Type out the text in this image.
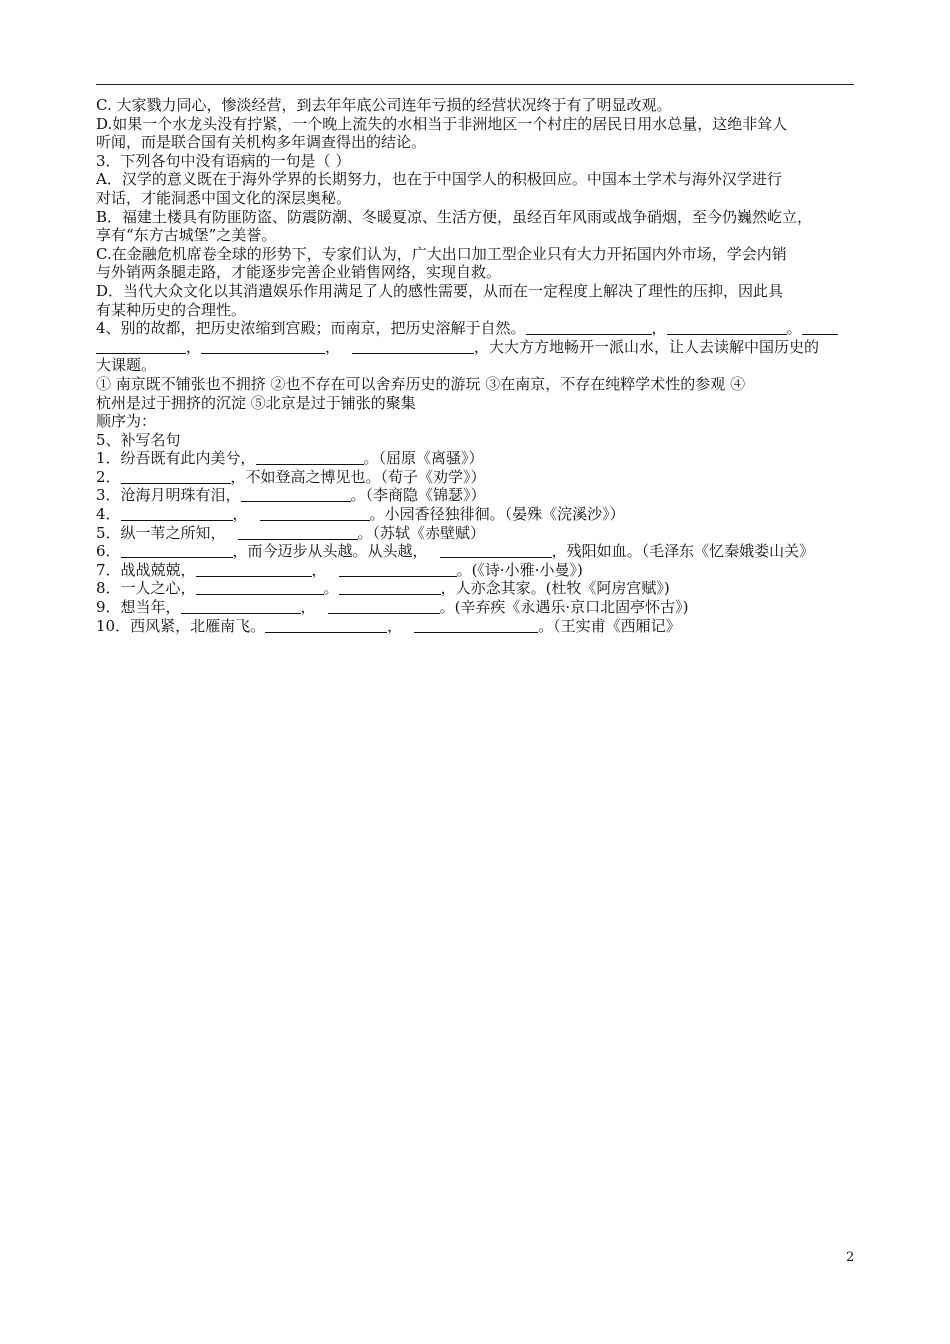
C. 大家戮力同心，惨淡经营，到去年年底公司连年亏损的经营状况终于有了明显改观。
D.如果一个水龙头没有拧紧，一个晚上流失的水相当于非洲地区一个村庄的居民日用水总量，这绝非耸人
听闻，而是联合国有关机构多年调查得出的结论。
3．下列各句中没有语病的一句是（ ）
A．汉学的意义既在于海外学界的长期努力，也在于中国学人的积极回应。中国本土学术与海外汉学进行
对话，才能洞悉中国文化的深层奥秘。
B．福建土楼具有防匪防盗、防震防潮、冬暖夏凉、生活方便，虽经百年风雨或战争硝烟，至今仍巍然屹立，
享有“东方古城堡”之美誉。
C.在金融危机席卷全球的形势下，专家们认为，广大出口加工型企业只有大力开拓国内外市场，学会内销
与外销两条腿走路，才能逐步完善企业销售网络，实现自救。
D．当代大众文化以其消遣娱乐作用满足了人的感性需要，从而在一定程度上解决了理性的压抑，因此具
有某种历史的合理性。
4、别的故都，把历史浓缩到宫殿；而南京，把历史溶解于自然。	，	。
，	，	，大大方方地畅开一派山水，让人去读解中国历史的
大课题。
① 南京既不铺张也不拥挤 ②也不存在可以舍弃历史的游玩 ③在南京，不存在纯粹学术性的参观 ④
杭州是过于拥挤的沉淀 ⑤北京是过于铺张的聚集
顺序为：
5、补写名句
1．纷吾既有此内美兮，	。（屈原《离骚》）
2．	，不如登高之博见也。（荀子《劝学》）
3．沧海月明珠有泪，	。（李商隐《锦瑟》）
4．	，	。小园香径独徘徊。（晏殊《浣溪沙》）
5．纵一苇之所知，	。（苏轼《赤壁赋）
6．	，而今迈步从头越。从头越，	，残阳如血。（毛泽东《忆秦娥娄山关》
7．战战兢兢，	，	。(《诗·小雅·小曼》)
8．一人之心，	。	，人亦念其家。(杜牧《阿房宫赋》)
9．想当年，	，	。(辛弃疾《永遇乐·京口北固亭怀古》)
10．西风紧，北雁南飞。	，	。（王实甫《西厢记》
2
